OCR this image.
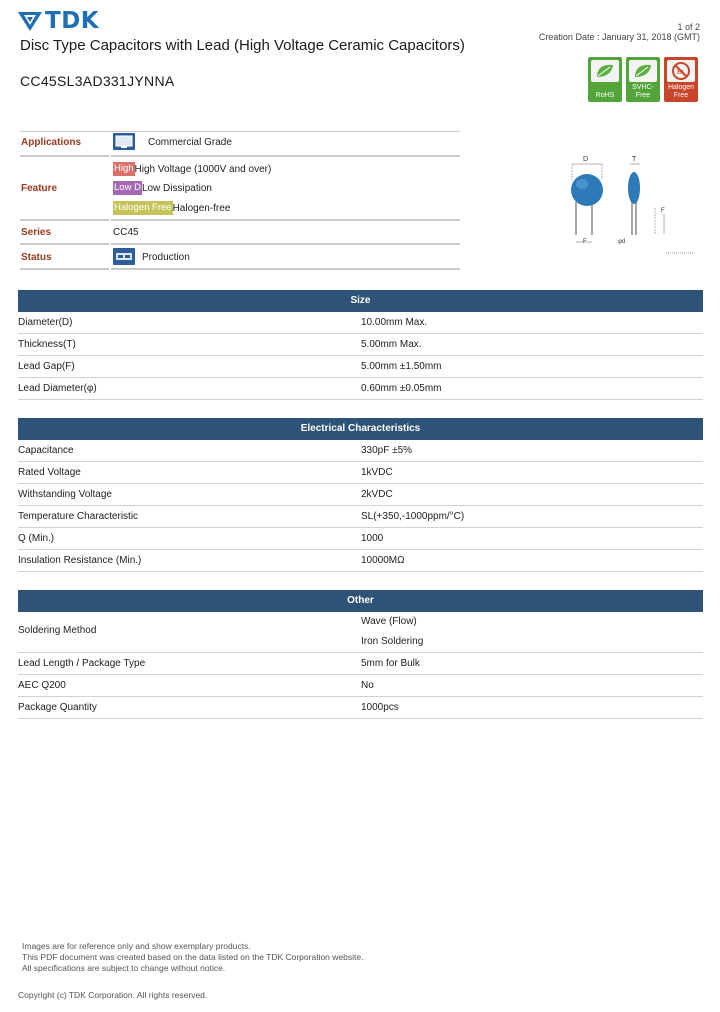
TDK
Disc Type Capacitors with Lead (High Voltage Ceramic Capacitors)
1 of 2
Creation Date : January 31, 2018 (GMT)
CC45SL3AD331JYNNA
RoHS
REACH SVHC-Free
Br
Halogen Free
Applications	Commercial Grade
Feature
High High Voltage (1000V and over)
Low D Low Dissipation
Halogen Free Halogen-free
Series	CC45
Status	Production
D
F
T
φd
F
Size
Diameter(D)	10.00mm Max.
Thickness(T)	5.00mm Max.
Lead Gap(F)	5.00mm ±1.50mm
Lead Diameter(φ)	0.60mm ±0.05mm
Electrical Characteristics
Capacitance	330pF ±5%
Rated Voltage	1kVDC
Withstanding Voltage	2kVDC
Temperature Characteristic	SL(+350,-1000ppm/°C)
Q (Min.)	1000
Insulation Resistance (Min.)	10000MΩ
Other
Soldering Method
Wave (Flow)
Iron Soldering
Lead Length / Package Type	5mm for Bulk
AEC Q200	No
Package Quantity	1000pcs
Images are for reference only and show exemplary products.
This PDF document was created based on the data listed on the TDK Corporation website.
All specifications are subject to change without notice.
Copyright (c) TDK Corporation. All rights reserved.
